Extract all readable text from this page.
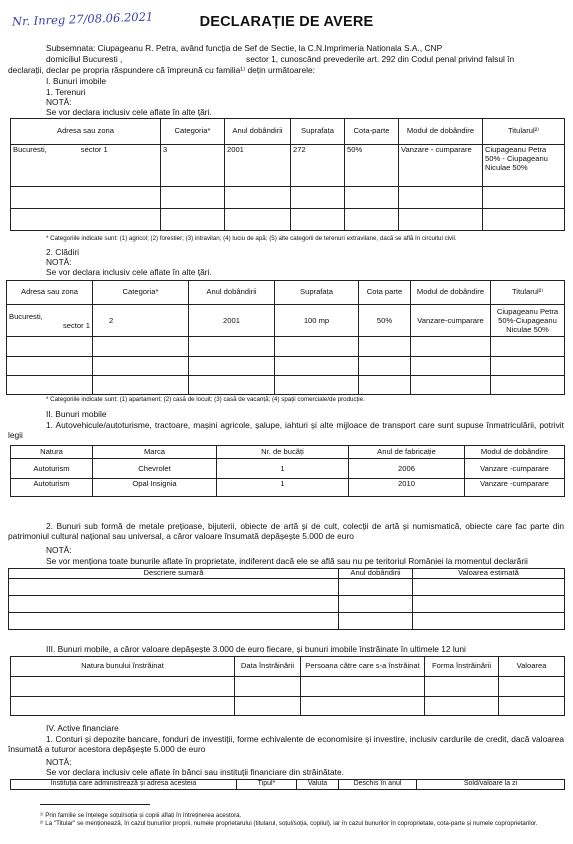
Nr. Inreg 27/08.06.2021	DECLARAȚIE DE AVERE
Subsemnata: Ciupageanu R. Petra, având funcția de Sef de Sectie, la C.N.Imprimeria Nationala S.A., CNP
domiciliul Bucuresti ,	sector 1, cunoscând prevederile art. 292 din Codul penal privind falsul în
declarații, declar pe propria răspundere că împreună cu familia¹⁾ dețin următoarele:
I. Bunuri imobile
1. Terenuri
NOTĂ:
Se vor declara inclusiv cele aflate în alte țări.
Adresa sau zona	Categoria*	Anul dobândirii	Suprafața	Cota-parte	Modul de dobândire	Titularul²⁾
Bucuresti, sector 1	3	2001	272	50%	Vanzare - cumparare	Ciupageanu Petra 50% - Ciupageanu Niculae 50%

* Categoriile indicate sunt: (1) agricol; (2) forestier; (3) intravilan; (4) luciu de apă; (5) alte categorii de terenuri extravilane, dacă se află în circuitul civil.
2. Clădiri
NOTĂ:
Se vor declara inclusiv cele aflate în alte țări.
Adresa sau zona	Categoria*	Anul dobândirii	Suprafața	Cota parte	Modul de dobândire	Titularul²⁾

Bucuresti,
sector 1	2	2001	100 mp	50%	Vanzare-cumparare	Ciupageanu Petra 50%-Ciupageanu Niculae 50%

* Categoriile indicate sunt: (1) apartament; (2) casă de locuit; (3) casă de vacanță; (4) spații comerciale/de producție.
II. Bunuri mobile
1. Autovehicule/autoturisme, tractoare, mașini agricole, șalupe, iahturi și alte mijloace de transport care sunt supuse înmatriculării, potrivit legii
Natura	Marca	Nr. de bucăți	Anul de fabricație	Modul de dobândire
Autoturism	Chevrolet	1	2006	Vanzare -cumparare
Autoturism	Opal Insignia	1	2010	Vanzare -cumparare
2. Bunuri sub formă de metale prețioase, bijuterii, obiecte de artă și de cult, colecții de artă și numismatică, obiecte care fac parte din patrimoniul cultural național sau universal, a căror valoare însumată depășește 5.000 de euro
NOTĂ:
Se vor menționa toate bunurile aflate în proprietate, indiferent dacă ele se află sau nu pe teritoriul României la momentul declarării
Descriere sumară	Anul dobândirii	Valoarea estimată

III. Bunuri mobile, a căror valoare depășește 3.000 de euro fiecare, și bunuri imobile înstrăinate în ultimele 12 luni
Natura bunului înstrăinat	Data înstrăinării	Persoana către care s-a înstrăinat	Forma înstrăinării	Valoarea

IV. Active financiare
1. Conturi și depozite bancare, fonduri de investiții, forme echivalente de economisire și investire, inclusiv cardurile de credit, dacă valoarea însumată a tuturor acestora depășește 5.000 de euro
NOTĂ:
Se vor declara inclusiv cele aflate în bănci sau instituții financiare din străinătate.
Instituția care administrează și adresa acesteia	Tipul*	Valuta	Deschis în anul	Sold/valoare la zi
¹⁾ Prin familie se înțelege soțul/soția și copiii aflați în întreținerea acestora.
²⁾ La "Titular" se menționează, în cazul bunurilor proprii, numele proprietarului (titularul, soțul/soția, copilul), iar în cazul bunurilor în coproprietate, cota-parte și numele coproprietarilor.
